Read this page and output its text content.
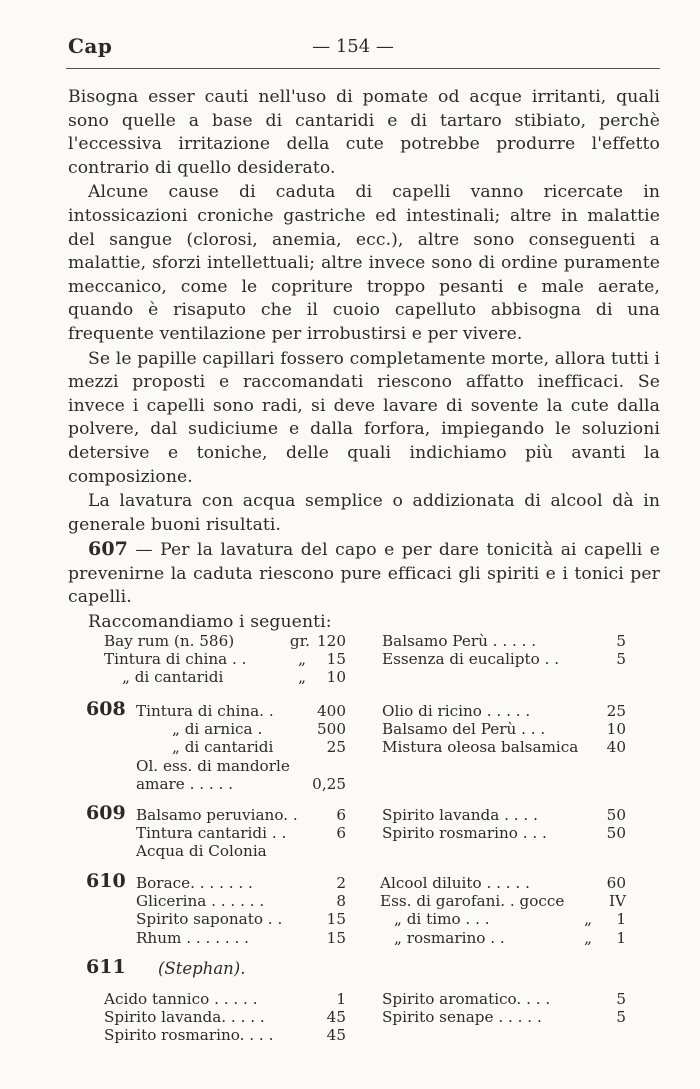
Cap	— 154 —

Bisogna esser cauti nell'uso di pomate od acque irritanti, quali sono quelle a base di cantaridi e di tartaro stibiato, perchè l'eccessiva irritazione della cute potrebbe produrre l'effetto contrario di quello desiderato.

Alcune cause di caduta di capelli vanno ricercate in intossicazioni croniche gastriche ed intestinali; altre in malattie del sangue (clorosi, anemia, ecc.), altre sono conseguenti a malattie, sforzi intellettuali; altre invece sono di ordine puramente meccanico, come le copriture troppo pesanti e male aerate, quando è risaputo che il cuoio capelluto abbisogna di una frequente ventilazione per irrobustirsi e per vivere.

Se le papille capillari fossero completamente morte, allora tutti i mezzi proposti e raccomandati riescono affatto inefficaci. Se invece i capelli sono radi, si deve lavare di sovente la cute dalla polvere, dal sudiciume e dalla forfora, impiegando le soluzioni detersive e toniche, delle quali indichiamo più avanti la composizione.

La lavatura con acqua semplice o addizionata di alcool dà in generale buoni risultati.

607 — Per la lavatura del capo e per dare tonicità ai capelli e prevenirne la caduta riescono pure efficaci gli spiriti e i tonici per capelli.

Raccomandiamo i seguenti:

Bay rum (n. 586)	gr. 120
Tintura di china . .	„ 15
„ di cantaridi	„ 10
Balsamo Perù . . . . .	5
Essenza di eucalipto . .	5
608 Tintura di china. .	400
„ di arnica .	500
„ di cantaridi	25
Ol. ess. di mandorle
amare . . . . .	0,25
Olio di ricino . . . . .	25
Balsamo del Perù . . .	10
Mistura oleosa balsamica 40
609 Balsamo peruviano. .	6
Tintura cantaridi . .	6
Acqua di Colonia
Spirito lavanda . . . .	50
Spirito rosmarino . . .	50
610 Borace. . . . . . .	2
Glicerina . . . . . .	8
Spirito saponato . .	15
Rhum . . . . . . .	15
Alcool diluito . . . . .	60
Ess. di garofani. . gocce	IV
„ di timo . . .	„ 1
„ rosmarino . .	„ 1
611 (Stephan).
Acido tannico . . . . .	1
Spirito lavanda. . . . .	45
Spirito rosmarino. . . .	45
Spirito aromatico. . . .	5
Spirito senape . . . . .	5
